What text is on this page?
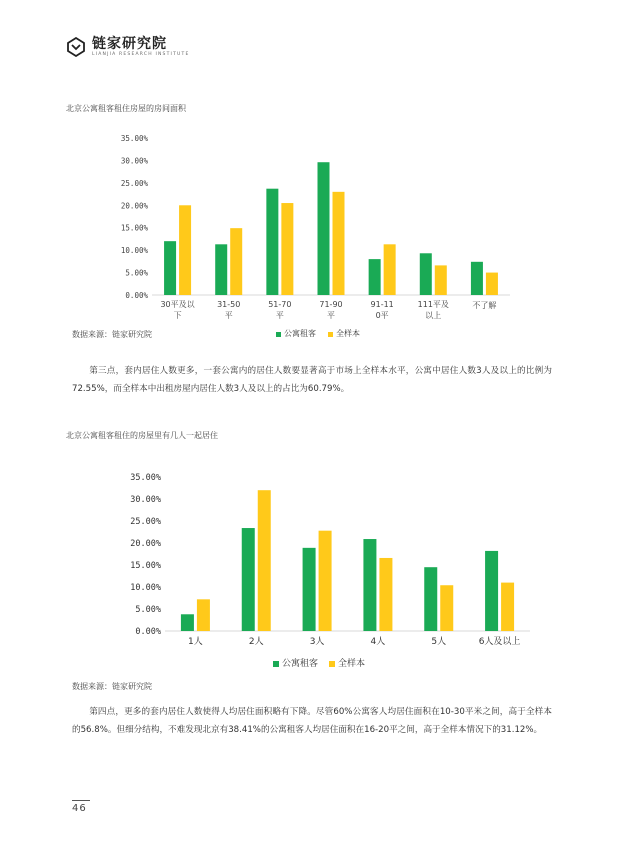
链家研究院
LIANJIA RESEARCH INSTITUTE
北京公寓租客租住房屋的房间面积
0.00%
5.00%
10.00%
15.00%
20.00%
25.00%
30.00%
35.00%
30平及以
下
31-50
平
51-70
平
71-90
平
91-11
0平
111平及
以上
不了解
公寓租客	全样本
0.00%
5.00%
10.00%
15.00%
20.00%
25.00%
30.00%
35.00%
1人	2人	3人	4人	5人	6人及以上
公寓租客 全样本
数据来源：链家研究院

第三点，套内居住人数更多，一套公寓内的居住人数要显著高于市场上全样本水平，公寓中居住人数3人及以上的比例为72.55%，而全样本中出租房屋内居住人数3人及以上的占比为60.79%。

北京公寓租客租住的房屋里有几人一起居住
数据来源：链家研究院

第四点，更多的套内居住人数使得人均居住面积略有下降。尽管60%公寓客人均居住面积在10-30平米之间，高于全样本的56.8%。但细分结构，不难发现北京有38.41%的公寓租客人均居住面积在16-20平之间，高于全样本情况下的31.12%。

46
